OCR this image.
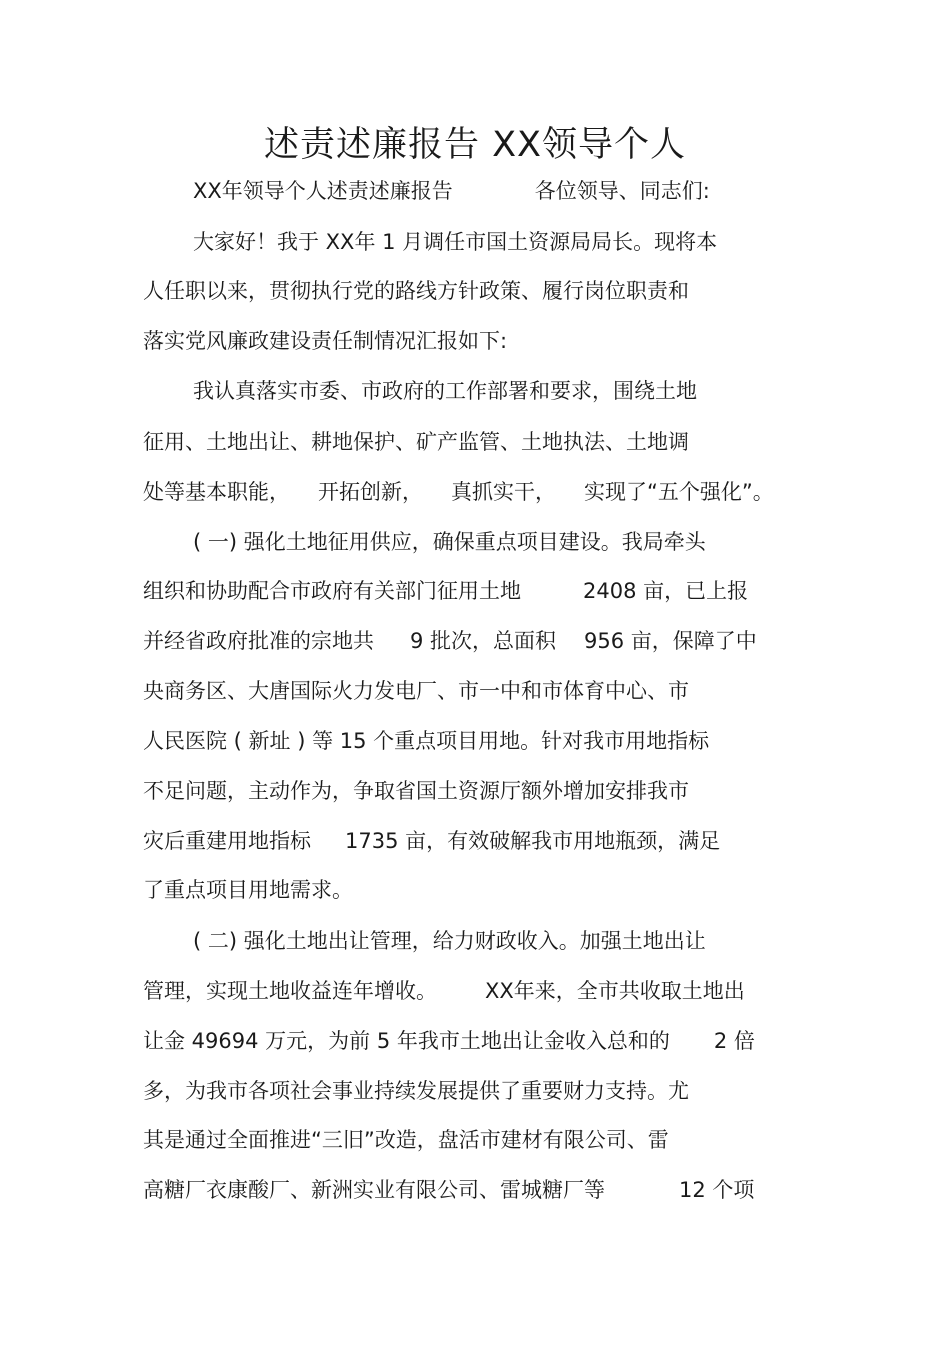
述责述廉报告 XX领导个人
XX年领导个人述责述廉报告	各位领导、同志们:
大家好！我于 XX年 1 月调任市国土资源局局长。现将本
人任职以来，贯彻执行党的路线方针政策、履行岗位职责和
落实党风廉政建设责任制情况汇报如下:
我认真落实市委、市政府的工作部署和要求，围绕土地
征用、土地出让、耕地保护、矿产监管、土地执法、土地调
处等基本职能， 开拓创新， 真抓实干， 实现了“五个强化”。
( 一) 强化土地征用供应，确保重点项目建设。我局牵头
组织和协助配合市政府有关部门征用土地	2408 亩，已上报
并经省政府批准的宗地共 9 批次，总面积 956 亩，保障了中
央商务区、大唐国际火力发电厂、市一中和市体育中心、市
人民医院 ( 新址 ) 等 15 个重点项目用地。针对我市用地指标
不足问题，主动作为，争取省国土资源厅额外增加安排我市
灾后重建用地指标 1735 亩，有效破解我市用地瓶颈，满足
了重点项目用地需求。
( 二) 强化土地出让管理，给力财政收入。加强土地出让
管理，实现土地收益连年增收。 XX年来，全市共收取土地出
让金 49694 万元，为前 5 年我市土地出让金收入总和的 2 倍
多，为我市各项社会事业持续发展提供了重要财力支持。尤
其是通过全面推进“三旧”改造，盘活市建材有限公司、雷
高糖厂衣康酸厂、新洲实业有限公司、雷城糖厂等	12 个项
